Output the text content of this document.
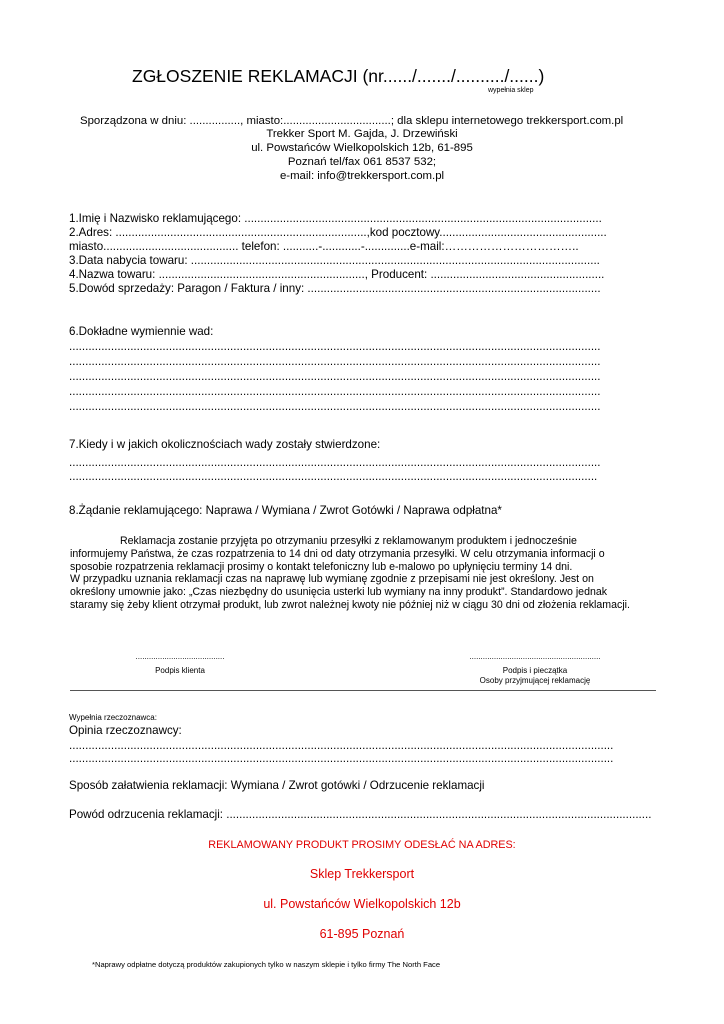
ZGŁOSZENIE REKLAMACJI (nr....../......./........../......)
wypełnia sklep
Sporządzona w dniu: ................, miasto:..................................; dla sklepu internetowego trekkersport.com.pl
Trekker Sport M. Gajda, J. Drzewiński
ul. Powstańców Wielkopolskich 12b, 61-895
Poznań tel/fax 061 8537 532;
e-mail: info@trekkersport.com.pl
1.Imię i Nazwisko reklamującego: ...............................................................................................................
2.Adres: ..............................................................................,kod pocztowy....................................................
miasto.......................................... telefon: ...........-............-..............e-mail:……………………………..
3.Data nabycia towaru: ...............................................................................................................................
4.Nazwa towaru: ................................................................, Producent: ......................................................
5.Dowód sprzedaży: Paragon / Faktura / inny: ...........................................................................................
6.Dokładne wymiennie wad:
.....................................................................................................................................................................
.....................................................................................................................................................................
.....................................................................................................................................................................
.....................................................................................................................................................................
.....................................................................................................................................................................
7.Kiedy i w jakich okolicznościach wady zostały stwierdzone:
.....................................................................................................................................................................
....................................................................................................................................................................
8.Żądanie reklamującego: Naprawa / Wymiana / Zwrot Gotówki / Naprawa odpłatna*
Reklamacja zostanie przyjęta po otrzymaniu przesyłki z reklamowanym produktem i jednocześnie informujemy Państwa, że czas rozpatrzenia to 14 dni od daty otrzymania przesyłki. W celu otrzymania informacji o sposobie rozpatrzenia reklamacji prosimy o kontakt telefoniczny lub e-malowo po upłynięciu terminy 14 dni.
W przypadku uznania reklamacji czas na naprawę lub wymianę zgodnie z przepisami nie jest określony. Jest on określony umownie jako: „Czas niezbędny do usunięcia usterki lub wymiany na inny produkt”. Standardowo jednak staramy się żeby klient otrzymał produkt, lub zwrot należnej kwoty nie później niż w ciągu 30 dni od złożenia reklamacji.
........................................
Podpis klienta
...........................................................
Podpis i pieczątka
Osoby przyjmującej reklamację
Wypełnia rzeczoznawca:
Opinia rzeczoznawcy:
.........................................................................................................................................................................
.........................................................................................................................................................................
Sposób załatwienia reklamacji: Wymiana / Zwrot gotówki / Odrzucenie reklamacji
Powód odrzucenia reklamacji: ....................................................................................................................................
REKLAMOWANY PRODUKT PROSIMY ODESŁAĆ NA ADRES:
Sklep Trekkersport
ul. Powstańców Wielkopolskich 12b
61-895 Poznań
*Naprawy odpłatne dotyczą produktów zakupionych tylko w naszym sklepie i tylko firmy The North Face
